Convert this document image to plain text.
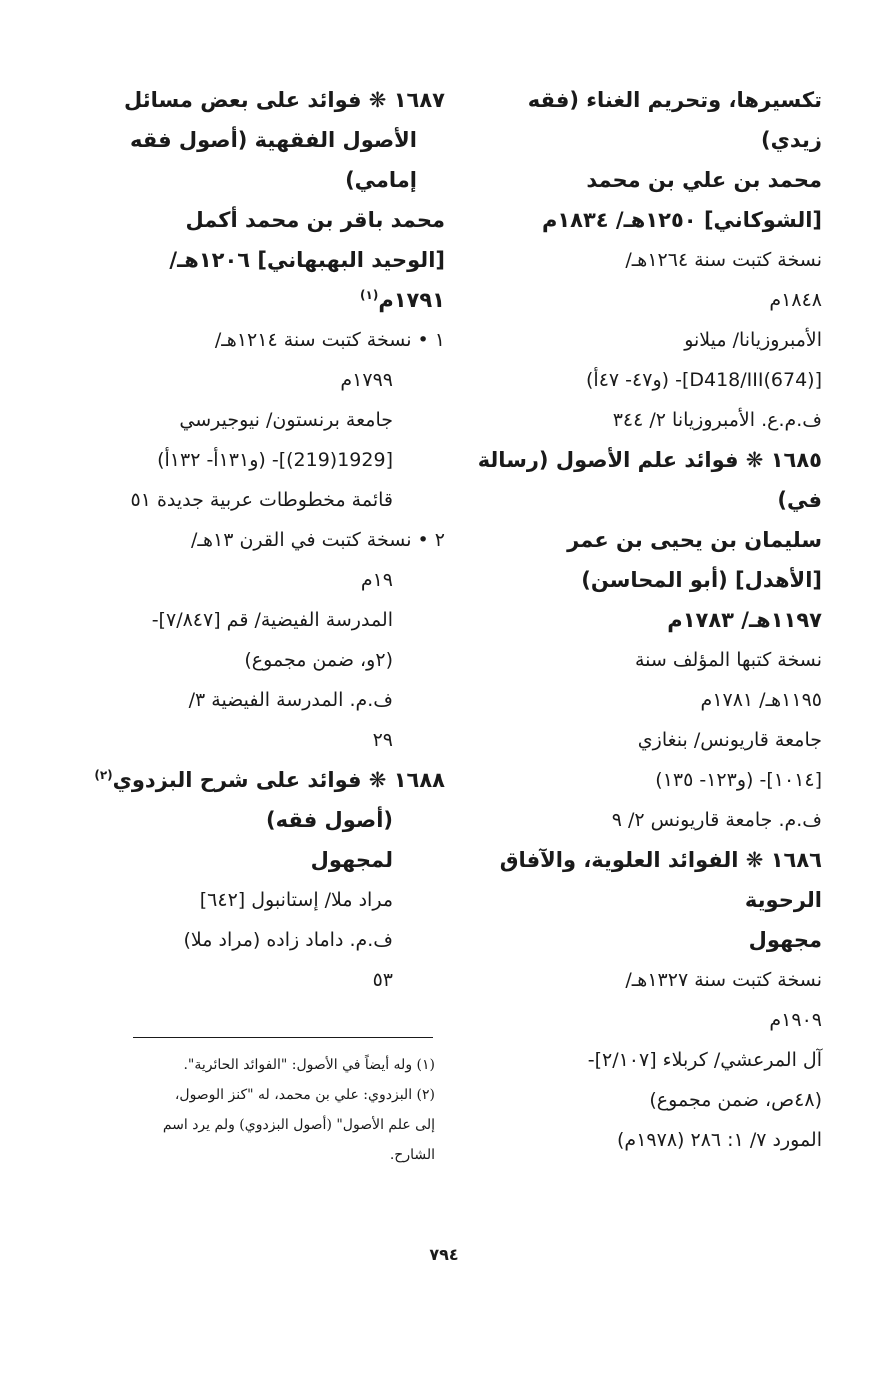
تكسيرها، وتحريم الغناء (فقه
زيدي)
محمد بن علي بن محمد
[الشوكاني] ١٢٥٠هـ/ ١٨٣٤م
نسخة كتبت سنة ١٢٦٤هـ/
١٨٤٨م
الأمبروزيانا/ ميلانو
[D418/III(674)]- (و٤٧- ٤٧أ)
ف.م.ع. الأمبروزيانا ٢/ ٣٤٤
١٦٨٥ ❋ فوائد علم الأصول (رسالة
في)
سليمان بن يحيى بن عمر
[الأهدل] (أبو المحاسن)
١١٩٧هـ/ ١٧٨٣م
نسخة كتبها المؤلف سنة
١١٩٥هـ/ ١٧٨١م
جامعة قاريونس/ بنغازي
[١٠١٤]- (و١٢٣- ١٣٥)
ف.م. جامعة قاريونس ٢/ ٩
١٦٨٦ ❋ الفوائد العلوية، والآفاق
الرحوية
مجهول
نسخة كتبت سنة ١٣٢٧هـ/
١٩٠٩م
آل المرعشي/ كربلاء [٢/١٠٧]-
(٤٨ص، ضمن مجموع)
المورد ٧/ ١: ٢٨٦ (١٩٧٨م)
١٦٨٧ ❋ فوائد على بعض مسائل
الأصول الفقهية (أصول فقه
إمامي)
محمد باقر بن محمد أكمل
[الوحيد البهبهاني] ١٢٠٦هـ/
١٧٩١م$^{(١)}$
١ • نسخة كتبت سنة ١٢١٤هـ/
١٧٩٩م
جامعة برنستون/ نيوجيرسي
[1929(219)]- (و١٣١أ- ١٣٢أ)
قائمة مخطوطات عربية جديدة ٥١
٢ • نسخة كتبت في القرن ١٣هـ/
١٩م
المدرسة الفيضية/ قم [٧/٨٤٧]-
(٢و، ضمن مجموع)
ف.م. المدرسة الفيضية ٣/
٢٩
١٦٨٨ ❋ فوائد على شرح البزدوي$^{(٢)}$
(أصول فقه)
لمجهول
مراد ملا/ إستانبول [٦٤٢]
ف.م. داماد زاده (مراد ملا)
٥٣
(١) وله أيضاً في الأصول: "الفوائد الحائرية".
(٢) البزدوي: علي بن محمد، له "كنز الوصول،
إلى علم الأصول" (أصول البزدوي) ولم يرد اسم
الشارح.
٧٩٤
